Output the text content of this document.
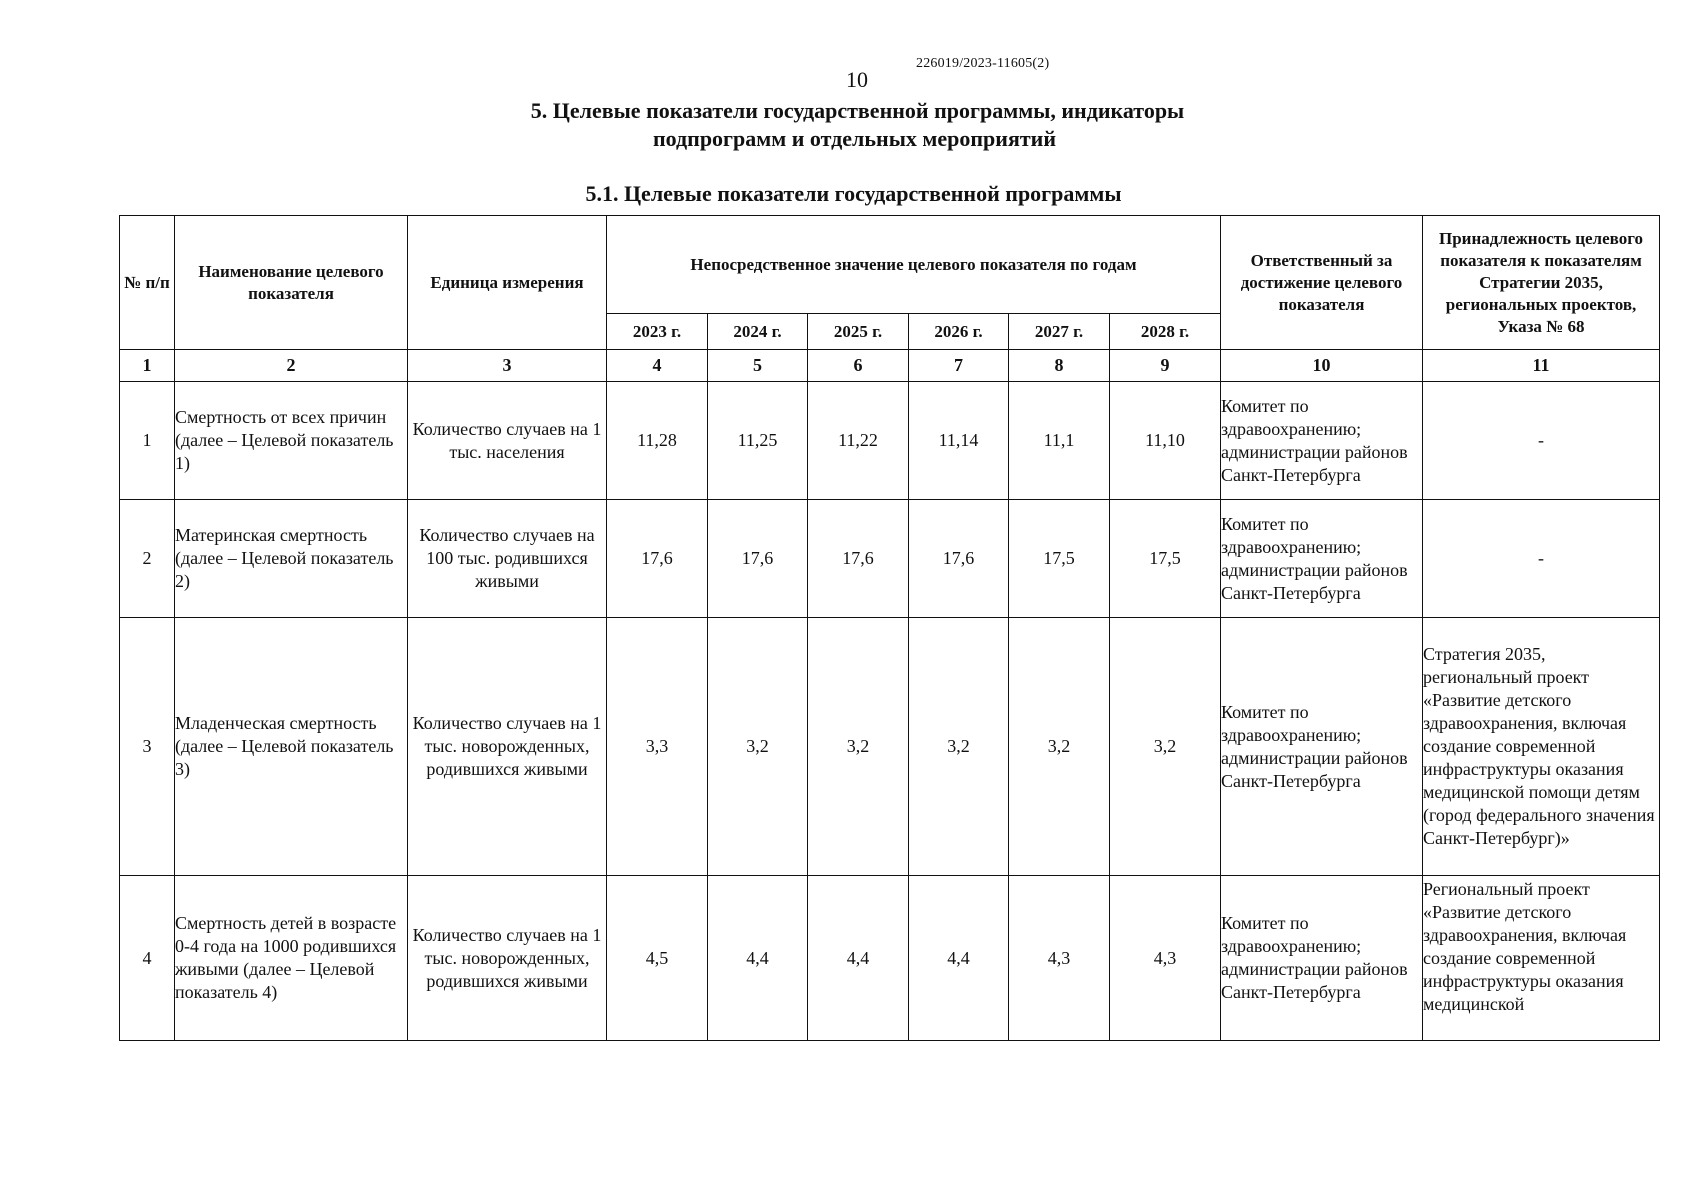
226019/2023-11605(2)
10
5. Целевые показатели государственной программы, индикаторы
подпрограмм и отдельных мероприятий
5.1. Целевые показатели государственной программы
№ п/п	Наименование целевого показателя	Единица измерения	Непосредственное значение целевого показателя по годам						Ответственный за достижение целевого показателя	Принадлежность целевого показателя к показателям Стратегии 2035, региональных проектов, Указа № 68
			2023 г.	2024 г.	2025 г.	2026 г.	2027 г.	2028 г.		
1	2	3	4	5	6	7	8	9	10	11
1	Смертность от всех причин (далее – Целевой показатель 1)	Количество случаев на 1 тыс. населения	11,28	11,25	11,22	11,14	11,1	11,10	Комитет по здравоохранению; администрации районов Санкт-Петербурга	-
2	Материнская смертность (далее – Целевой показатель 2)	Количество случаев на 100 тыс. родившихся живыми	17,6	17,6	17,6	17,6	17,5	17,5	Комитет по здравоохранению; администрации районов Санкт-Петербурга	-
3	Младенческая смертность (далее – Целевой показатель 3)	Количество случаев на 1 тыс. новорожденных, родившихся живыми	3,3	3,2	3,2	3,2	3,2	3,2	Комитет по здравоохранению; администрации районов Санкт-Петербурга	Стратегия 2035, региональный проект «Развитие детского здравоохранения, включая создание современной инфраструктуры оказания медицинской помощи детям (город федерального значения Санкт-Петербург)»
4	Смертность детей в возрасте 0-4 года на 1000 родившихся живыми (далее – Целевой показатель 4)	Количество случаев на 1 тыс. новорожденных, родившихся живыми	4,5	4,4	4,4	4,4	4,3	4,3	Комитет по здравоохранению; администрации районов Санкт-Петербурга	Региональный проект «Развитие детского здравоохранения, включая создание современной инфраструктуры оказания медицинской
